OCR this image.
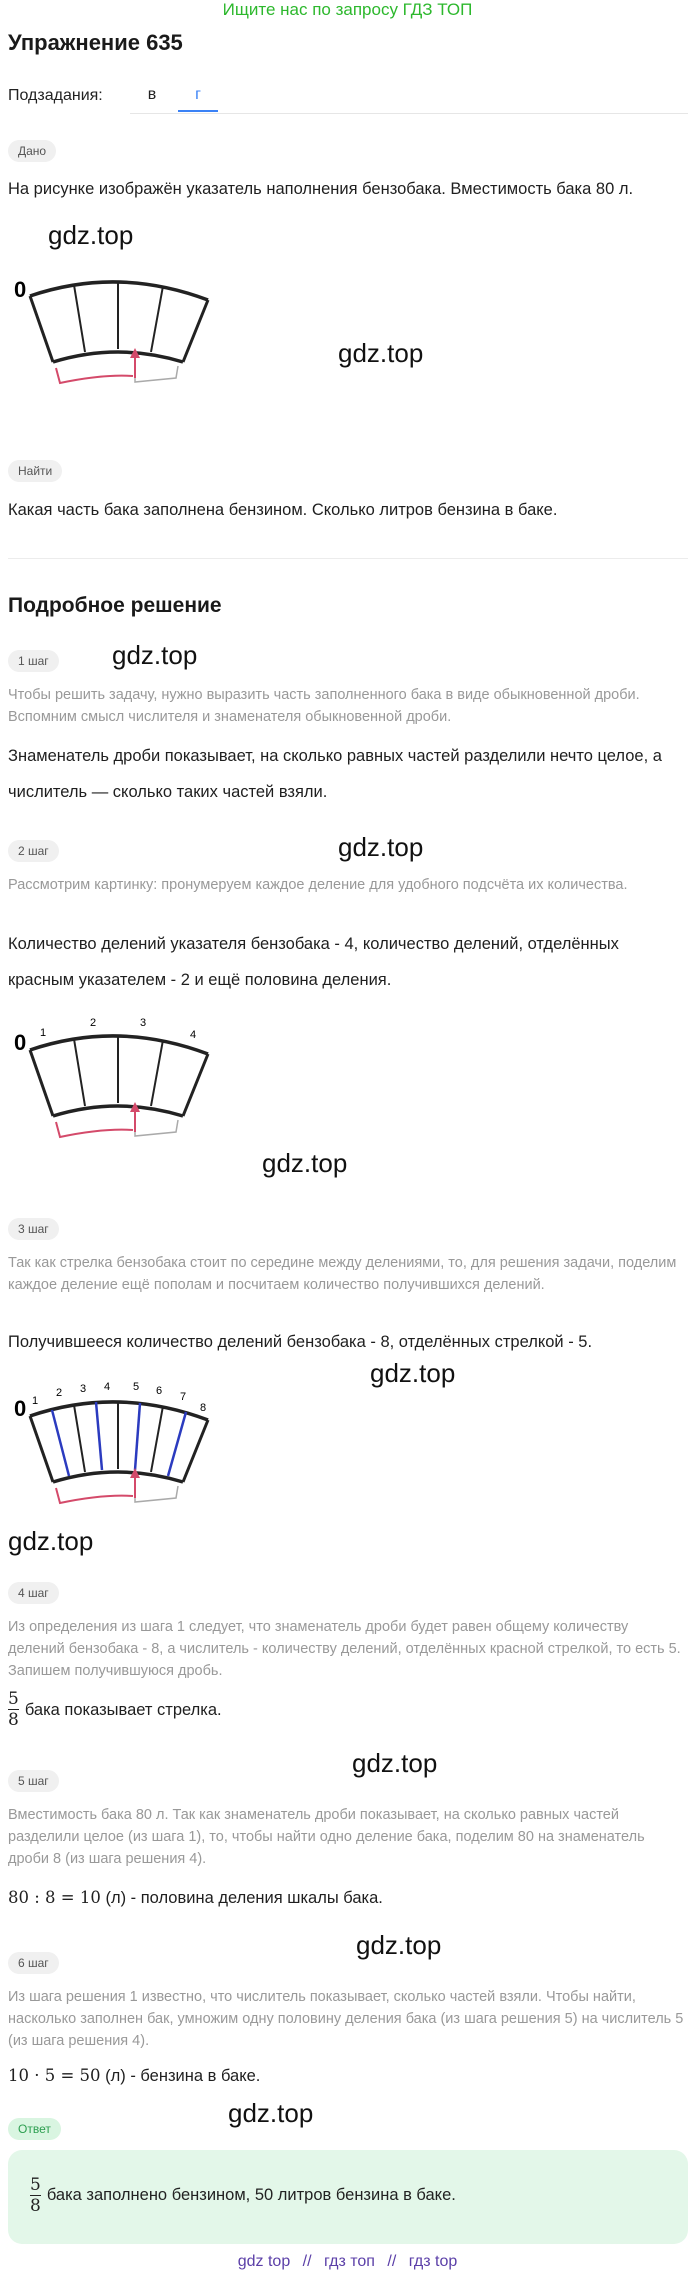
Ищите нас по запросу ГДЗ ТОП
Упражнение 635
Подзадания:	в	г
Дано
На рисунке изображён указатель наполнения бензобака. Вместимость бака 80 л.
gdz.top
gdz.top
0
Найти
Какая часть бака заполнена бензином. Сколько литров бензина в баке.
Подробное решение
1 шаг	gdz.top
Чтобы решить задачу, нужно выразить часть заполненного бака в виде обыкновенной дроби. Вспомним смысл числителя и знаменателя обыкновенной дроби.
Знаменатель дроби показывает, на сколько равных частей разделили нечто целое, а числитель — сколько таких частей взяли.
2 шаг	gdz.top
Рассмотрим картинку: пронумеруем каждое деление для удобного подсчёта их количества.
Количество делений указателя бензобака - 4, количество делений, отделённых красным указателем - 2 и ещё половина деления.
0 1
2	3
4
gdz.top
3 шаг
Так как стрелка бензобака стоит по середине между делениями, то, для решения задачи, поделим каждое деление ещё пополам и посчитаем количество получившихся делений.
Получившееся количество делений бензобака - 8, отделённых стрелкой - 5.
gdz.top
0 1
2 3 4 5 6 7
8
gdz.top
4 шаг
Из определения из шага 1 следует, что знаменатель дроби будет равен общему количеству делений бензобака - 8, а числитель - количеству делений, отделённых красной стрелкой, то есть 5. Запишем получившуюся дробь.
$\frac{5}{8}$ бака показывает стрелка.
gdz.top
5 шаг
Вместимость бака 80 л. Так как знаменатель дроби показывает, на сколько равных частей разделили целое (из шага 1), то, чтобы найти одно деление бака, поделим 80 на знаменатель дроби 8 (из шага решения 4).
80 : 8 = 10 (л) - половина деления шкалы бака.
gdz.top
6 шаг
Из шага решения 1 известно, что числитель показывает, сколько частей взяли. Чтобы найти, насколько заполнен бак, умножим одну половину деления бака (из шага решения 5) на числитель 5 (из шага решения 4).
10 · 5 = 50 (л) - бензина в баке.
gdz.top
Ответ
$\frac{5}{8}$ бака заполнено бензином, 50 литров бензина в баке.
gdz top // гдз топ // гдз top
